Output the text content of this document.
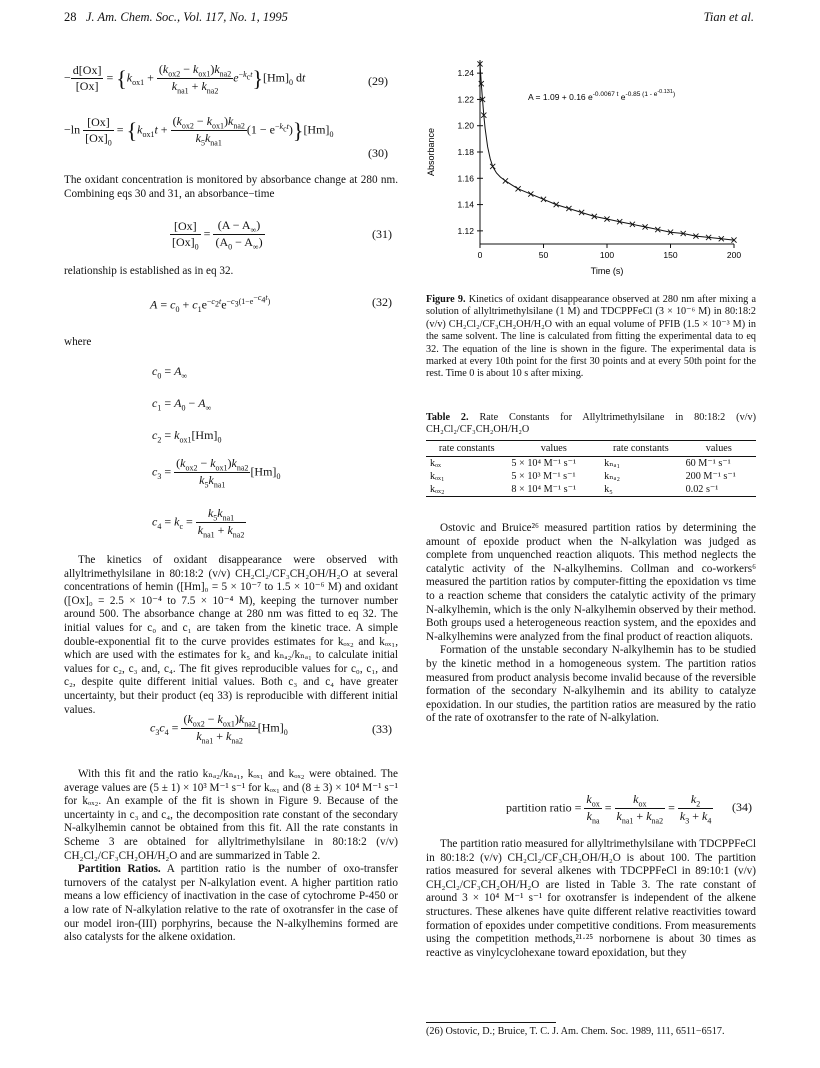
28 J. Am. Chem. Soc., Vol. 117, No. 1, 1995	Tian et al.
− $\frac{d[Ox]}{[Ox]} = \{k_{ox1} + \frac{(k_{ox2} - k_{ox1})k_{na2}}{k_{na1} + k_{na2}} e^{-k_ct}\}[Hm]_0$ dt	(29)
$-\ln \frac{[Ox]}{[Ox]_0} = \{k_{ox1}t + \frac{(k_{ox2} - k_{ox1})k_{na2}}{k_5k_{na1}} (1 - e^{-k_ct})\}[Hm]_0$
(30)
The oxidant concentration is monitored by absorbance change at 280 nm. Combining eqs 30 and 31, an absorbance−time
$\frac{[Ox]}{[Ox]_0} = \frac{(A - A_\infty)}{(A_0 - A_\infty)}$	(31)
relationship is established as in eq 32.
$A = c_0 + c_1e^{-c_2t}e^{-c_3(1-e^{-c_4t})}$	(32)
where
$c_0 = A_\infty$
$c_1 = A_0 - A_\infty$
$c_2 = k_{ox1}[Hm]_0$
$c_3 = \frac{(k_{ox2} - k_{ox1})k_{na2}}{k_5k_{na1}} [Hm]_0$
$c_4 = k_c = \frac{k_5k_{na1}}{k_{na1} + k_{na2}}$

The kinetics of oxidant disappearance were observed with allyltrimethylsilane in 80:18:2 (v/v) CH₂Cl₂/CF₃CH₂OH/H₂O at several concentrations of hemin ([Hm]₀ = 5 × 10⁻⁷ to 1.5 × 10⁻⁶ M) and oxidant ([Ox]₀ = 2.5 × 10⁻⁴ to 7.5 × 10⁻⁴ M), keeping the turnover number around 500. The absorbance change at 280 nm was fitted to eq 32. The initial values for c₀ and c₁ are taken from the kinetic trace. A simple double-exponential fit to the curve provides estimates for kₒₓ₂ and kₒₓ₁, which are used with the estimates for k₅ and kₙₐ₂/kₙₐ₁ to calculate initial values for c₂, c₃ and, c₄. The fit gives reproducible values for c₀, c₁, and c₂, despite quite different initial values. Both c₃ and c₄ have greater uncertainty, but their product (eq 33) is reproducible with different initial values.

$c_3c_4 = \frac{(k_{ox2} - k_{ox1})k_{na2}}{k_{na1} + k_{na2}} [Hm]_0$	(33)

With this fit and the ratio kₙₐ₂/kₙₐ₁, kₒₓ₁ and kₒₓ₂ were obtained. The average values are (5 ± 1) × 10³ M⁻¹ s⁻¹ for kₒₓ₁ and (8 ± 3) × 10⁴ M⁻¹ s⁻¹ for kₒₓ₂. An example of the fit is shown in Figure 9. Because of the uncertainty in c₃ and c₄, the decomposition rate constant of the secondary N-alkylhemin cannot be obtained from this fit. All the rate constants in Scheme 3 are obtained for allyltrimethylsilane in 80:18:2 (v/v) CH₂Cl₂/CF₃CH₂OH/H₂O and are summarized in Table 2.

Partition Ratios. A partition ratio is the number of oxo-transfer turnovers of the catalyst per N-alkylation event. A higher partition ratio means a low efficiency of inactivation in the case of cytochrome P-450 or a low rate of N-alkylation relative to the rate of oxotransfer in the case of our model iron-(III) porphyrins, because the N-alkylhemins formed are also catalysts for the alkene oxidation.

1.12
1.14
1.16
1.18
1.20
1.22
1.24
0	50	100	150	200
Time (s)
Absorbance
A = 1.09 + 0.16 $e^{-0.0067 t}$ $e^{-0.85 (1 - e-0.131}_)$
Figure 9. Kinetics of oxidant disappearance observed at 280 nm after mixing a solution of allyltrimethylsilane (1 M) and TDCPPFeCl (3 × 10⁻⁶ M) in 80:18:2 (v/v) CH₂Cl₂/CF₃CH₂OH/H₂O with an equal volume of PFIB (1.5 × 10⁻³ M) in the same solvent. The line is calculated from fitting the experimental data to eq 32. The equation of the line is shown in the figure. The experimental data is marked at every 10th point for the first 30 points and at every 50th point for the rest. Time 0 is about 10 s after mixing.
Table 2. Rate Constants for Allyltrimethylsilane in 80:18:2 (v/v) CH₂Cl₂/CF₃CH₂OH/H₂O
rate constants	values	rate constants	values
kₒₓ	5 × 10⁴ M⁻¹ s⁻¹	kₙₐ₁	60 M⁻¹ s⁻¹
kₒₓ₁	5 × 10³ M⁻¹ s⁻¹	kₙₐ₂	200 M⁻¹ s⁻¹
kₒₓ₂	8 × 10⁴ M⁻¹ s⁻¹	k₅	0.02 s⁻¹

Ostovic and Bruice²⁶ measured partition ratios by determining the amount of epoxide product when the N-alkylation was judged as complete from unquenched reaction aliquots. This method neglects the catalytic activity of the N-alkylhemins. Collman and co-workers⁶ measured the partition ratios by computer-fitting the epoxidation vs time to a reaction scheme that considers the catalytic activity of the primary N-alkylhemin, which is the only N-alkylhemin observed by their method. Both groups used a heterogeneous reaction system, and the epoxides and N-alkylhemins were analyzed from the final product of reaction aliquots.

Formation of the unstable secondary N-alkylhemin has to be studied by the kinetic method in a homogeneous system. The partition ratios measured from product analysis become invalid because of the reversible formation of the secondary N-alkylhemin and its ability to catalyze epoxidation. In our studies, the partition ratios are measured by the ratio of the rate of oxotransfer to the rate of N-alkylation.

partition ratio = $\frac{k_{ox}}{k_{na}} = \frac{k_{ox}}{k_{na1} + k_{na2}} = \frac{k_2}{k_3 + k_4} (34)$

The partition ratio measured for allyltrimethylsilane with TDCPPFeCl in 80:18:2 (v/v) CH₂Cl₂/CF₃CH₂OH/H₂O is about 100. The partition ratios measured for several alkenes with TDCPPFeCl in 89:10:1 (v/v) CH₂Cl₂/CF₃CH₂OH/H₂O are listed in Table 3. The rate constant of around 3 × 10⁴ M⁻¹ s⁻¹ for oxotransfer is independent of the alkene structures. These alkenes have quite different relative reactivities toward formation of epoxides under competitive conditions. From measurements using the competition methods,²¹·²⁵ norbornene is about 30 times as reactive as vinylcyclohexane toward epoxidation, but they

(26) Ostovic, D.; Bruice, T. C. J. Am. Chem. Soc. 1989, 111, 6511−6517.
